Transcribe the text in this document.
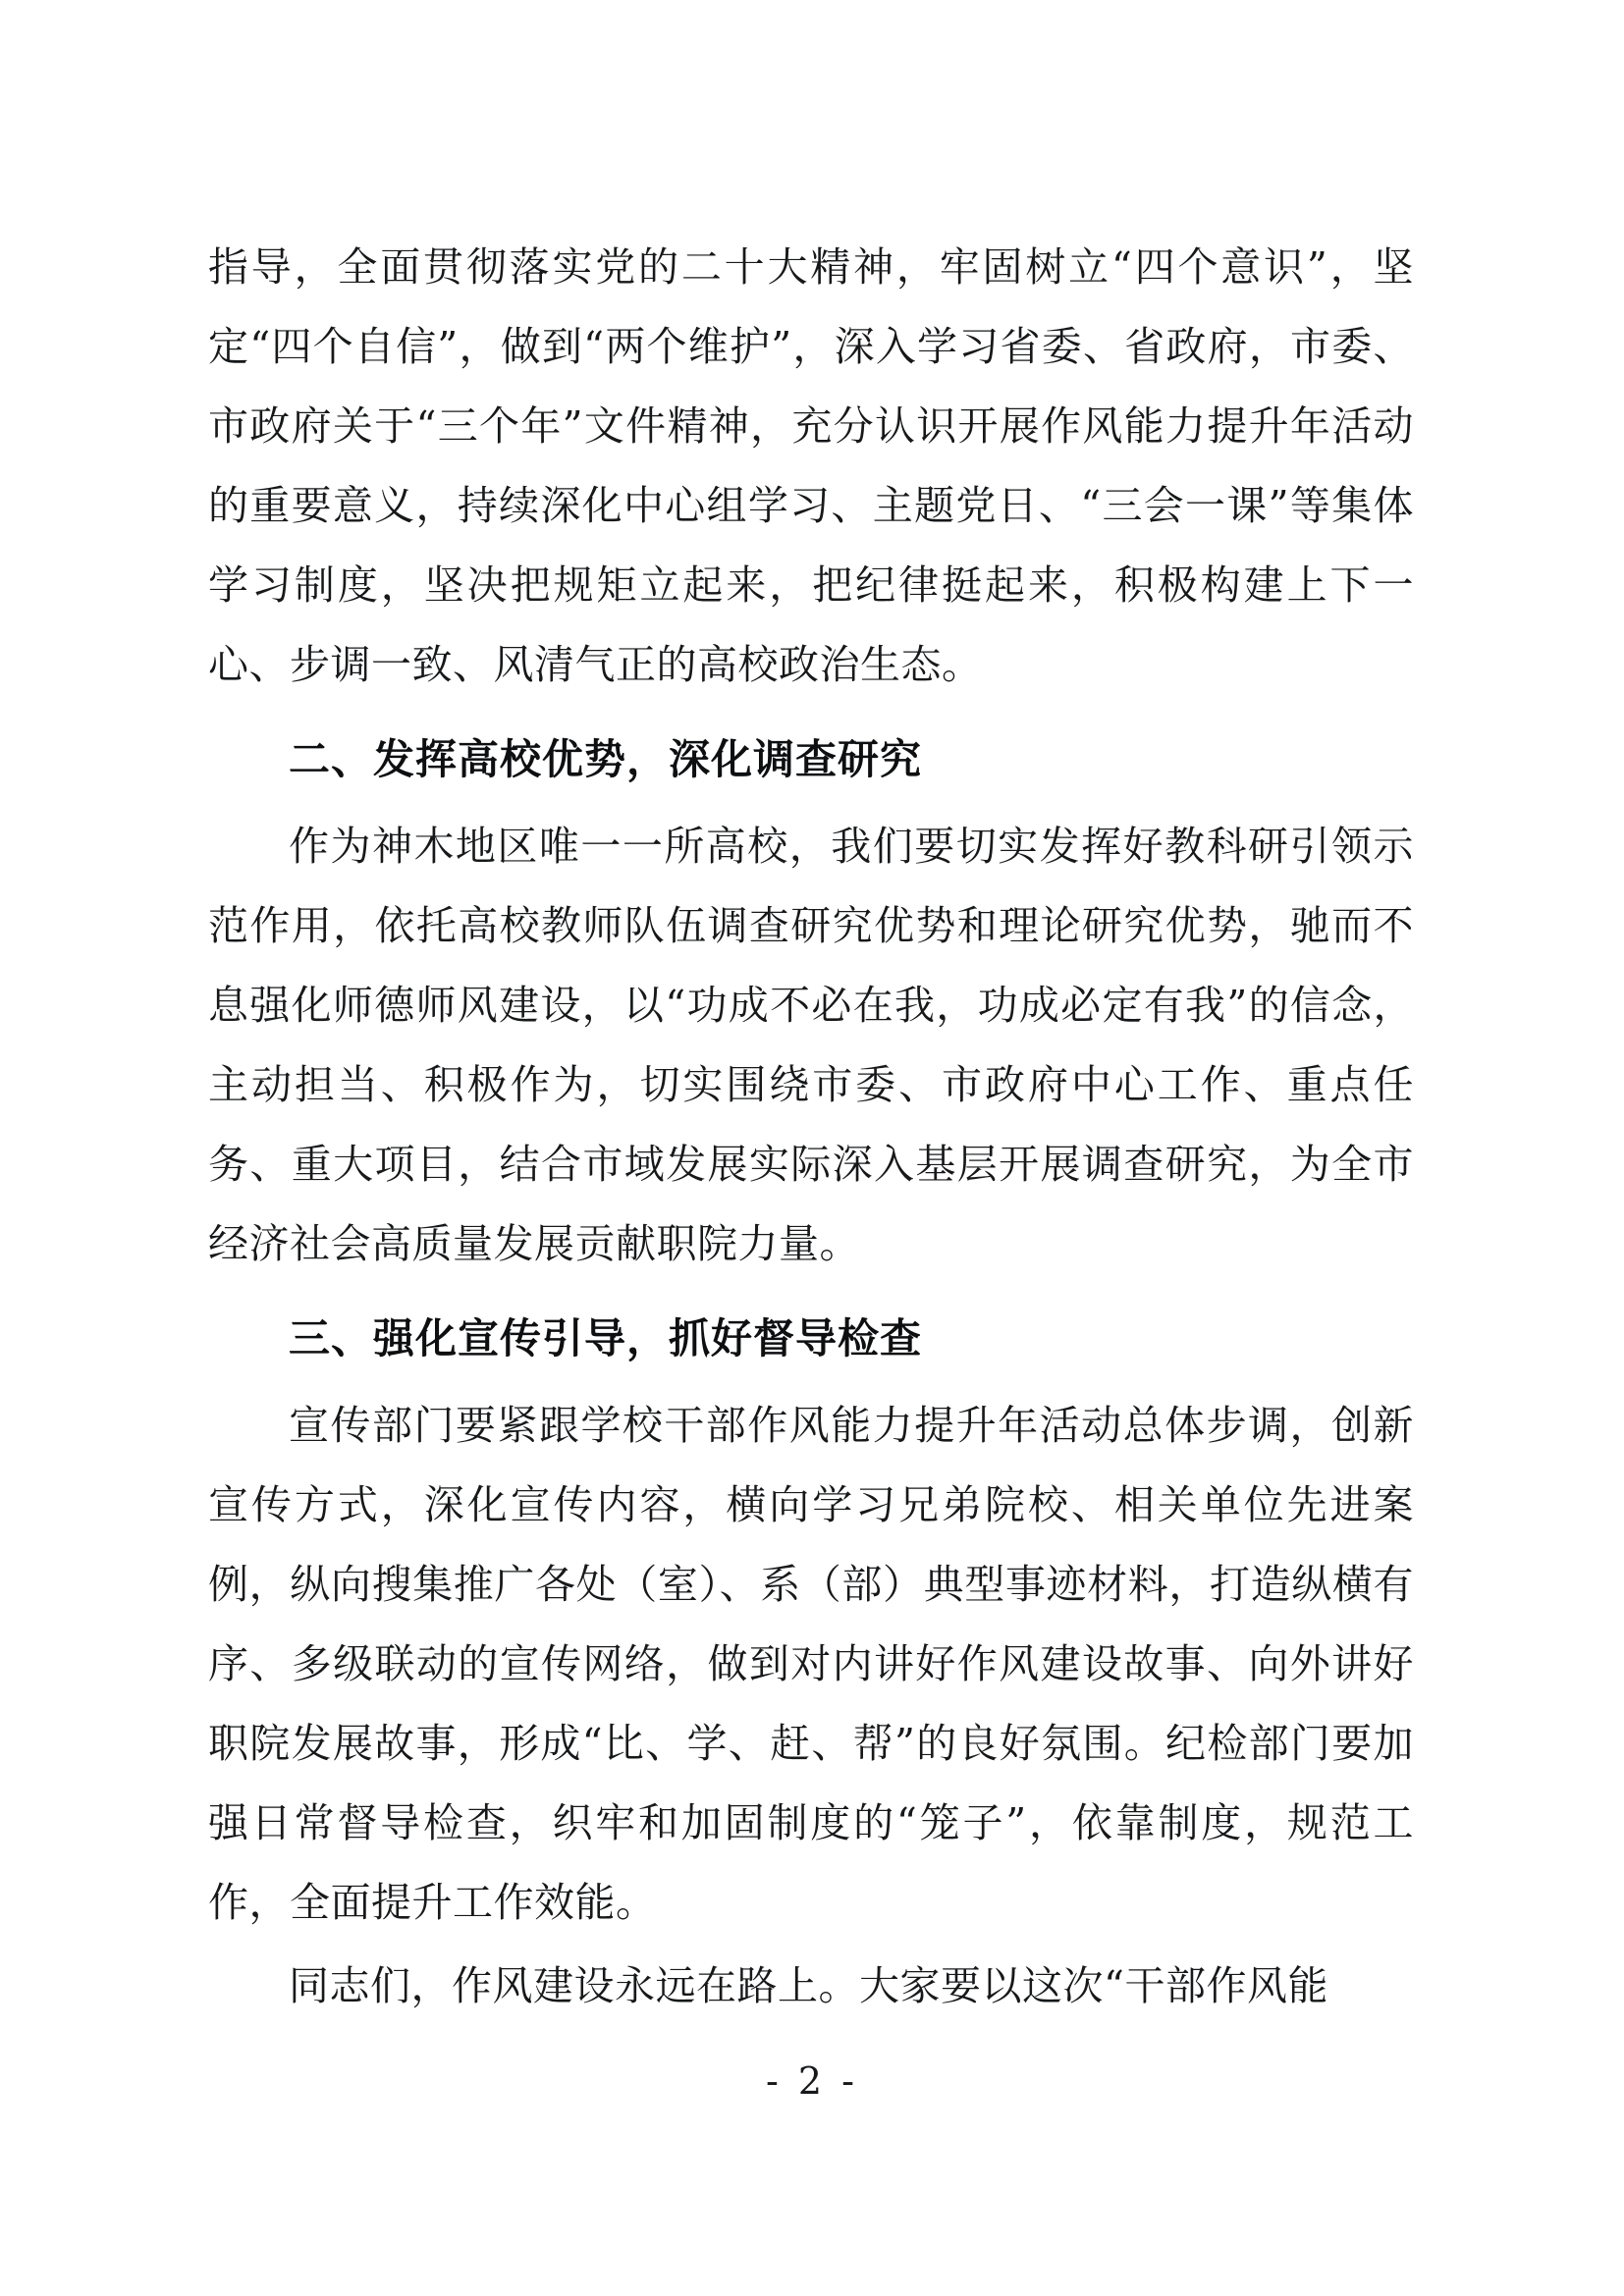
指导，全面贯彻落实党的二十大精神，牢固树立“四个意识”，坚定“四个自信”，做到“两个维护”，深入学习省委、省政府，市委、市政府关于“三个年”文件精神，充分认识开展作风能力提升年活动的重要意义，持续深化中心组学习、主题党日、“三会一课”等集体学习制度，坚决把规矩立起来，把纪律挺起来，积极构建上下一心、步调一致、风清气正的高校政治生态。

二、发挥高校优势，深化调查研究

作为神木地区唯一一所高校，我们要切实发挥好教科研引领示范作用，依托高校教师队伍调查研究优势和理论研究优势，驰而不息强化师德师风建设，以“功成不必在我，功成必定有我”的信念，主动担当、积极作为，切实围绕市委、市政府中心工作、重点任务、重大项目，结合市域发展实际深入基层开展调查研究，为全市经济社会高质量发展贡献职院力量。

三、强化宣传引导，抓好督导检查

宣传部门要紧跟学校干部作风能力提升年活动总体步调，创新宣传方式，深化宣传内容，横向学习兄弟院校、相关单位先进案例，纵向搜集推广各处（室）、系（部）典型事迹材料，打造纵横有序、多级联动的宣传网络，做到对内讲好作风建设故事、向外讲好职院发展故事，形成“比、学、赶、帮”的良好氛围。纪检部门要加强日常督导检查，织牢和加固制度的“笼子”，依靠制度，规范工作，全面提升工作效能。

同志们，作风建设永远在路上。大家要以这次“干部作风能

- 2 -
